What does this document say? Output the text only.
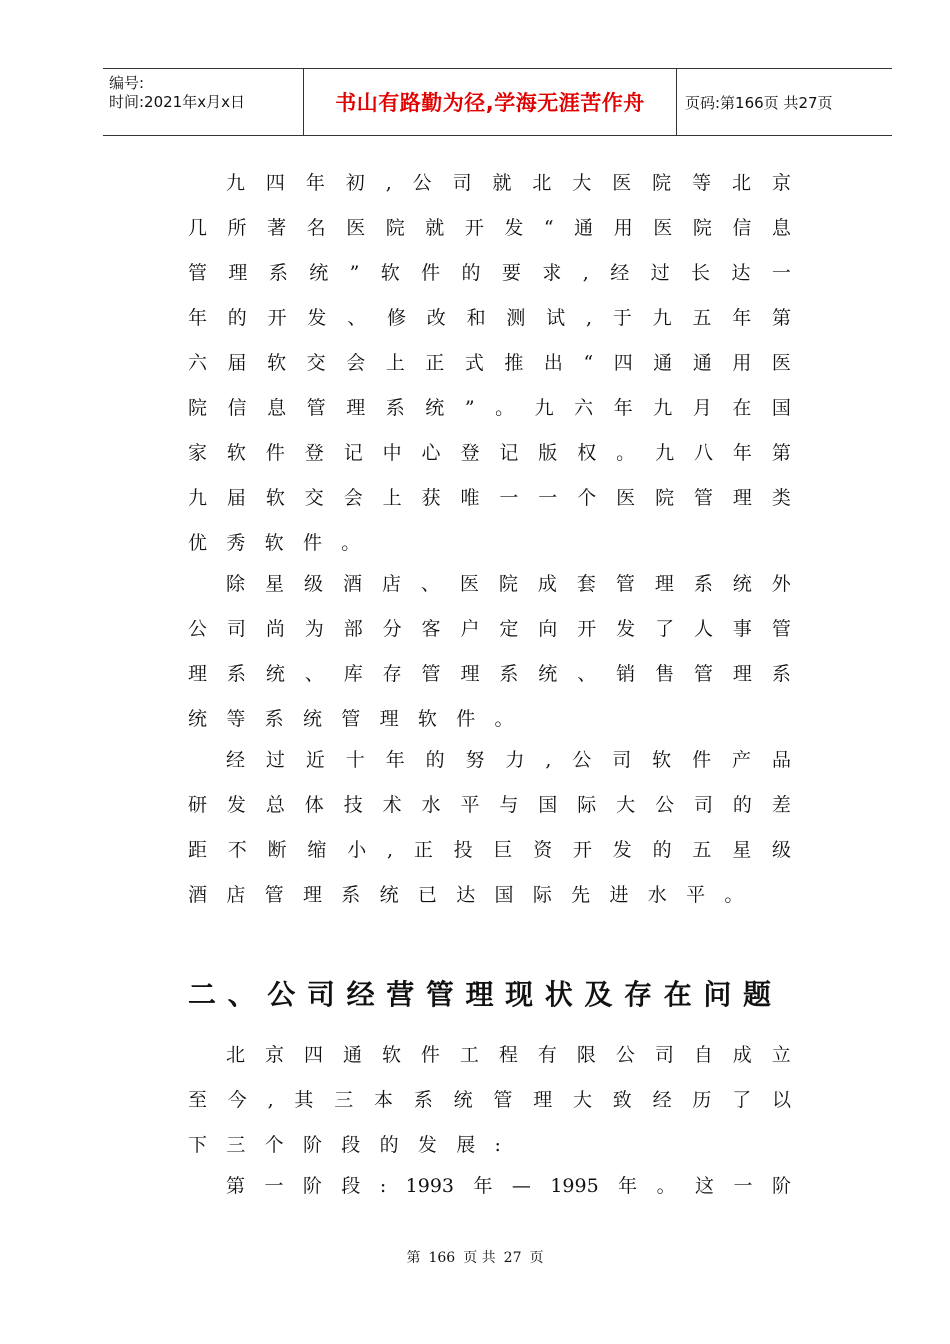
编号:
时间:2021年x月x日	书山有路勤为径,学海无涯苦作舟	页码:第166页 共27页
九 四 年 初 , 公 司 就 北 大 医 院 等 北 京
几 所 著 名 医 院 就 开 发 “ 通 用 医 院 信 息
管 理 系 统 ” 软 件 的 要 求 , 经 过 长 达 一
年 的 开 发 、 修 改 和 测 试 , 于 九 五 年 第
六 届 软 交 会 上 正 式 推 出 “ 四 通 通 用 医
院 信 息 管 理 系 统 ” 。 九 六 年 九 月 在 国
家 软 件 登 记 中 心 登 记 版 权 。 九 八 年 第
九 届 软 交 会 上 获 唯 一 一 个 医 院 管 理 类
优 秀 软 件 。
除 星 级 酒 店 、 医 院 成 套 管 理 系 统 外
公 司 尚 为 部 分 客 户 定 向 开 发 了 人 事 管
理 系 统 、 库 存 管 理 系 统 、 销 售 管 理 系
统 等 系 统 管 理 软 件 。
经 过 近 十 年 的 努 力 , 公 司 软 件 产 品
研 发 总 体 技 术 水 平 与 国 际 大 公 司 的 差
距 不 断 缩 小 , 正 投 巨 资 开 发 的 五 星 级
酒 店 管 理 系 统 已 达 国 际 先 进 水 平 。
二 、 公 司 经 营 管 理 现 状 及 存 在 问 题
北 京 四 通 软 件 工 程 有 限 公 司 自 成 立
至 今 , 其 三 本 系 统 管 理 大 致 经 历 了 以
下 三 个 阶 段 的 发 展 :
第 一 阶 段 : 1993 年 — 1995 年 。 这 一 阶
第 166 页 共 27 页
